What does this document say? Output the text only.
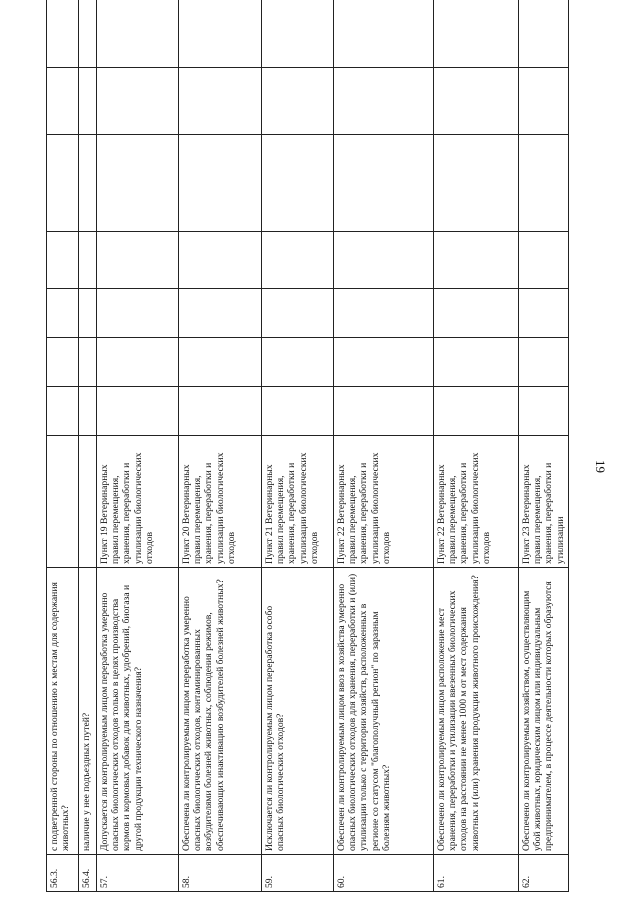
19
56.3.	с подветренной стороны по отношению к местам для содержания животных?								
56.4.	наличие у нее подъездных путей?								
57.	Допускается ли контролируемым лицом переработка умеренно опасных биологических отходов только в целях производства кормов и кормовых добавок для животных, удобрений, биогаза и другой продукции технического назначения?	Пункт 19 Ветеринарных правил перемещения, хранения, переработки и утилизации биологических отходов							
58.	Обеспечена ли контролируемым лицом переработка умеренно опасных биологических отходов, контаминированных возбудителями болезней животных, соблюдения режимов, обеспечивающих инактивацию возбудителей болезней животных?	Пункт 20 Ветеринарных правил перемещения, хранения, переработки и утилизации биологических отходов							
59.	Исключается ли контролируемым лицом переработка особо опасных биологических отходов?	Пункт 21 Ветеринарных правил перемещения, хранения, переработки и утилизации биологических отходов							
60.	Обеспечен ли контролируемым лицом ввоз в хозяйства умеренно опасных биологических отходов для хранения, переработки и (или) утилизации только с территории хозяйств, расположенных в регионе со статусом "благополучный регион" по заразным болезням животных?	Пункт 22 Ветеринарных правил перемещения, хранения, переработки и утилизации биологических отходов							
61.	Обеспечено ли контролируемым лицом расположение мест хранения, переработки и утилизации ввезенных биологических отходов на расстоянии не менее 1000 м от мест содержания животных и (или) хранения продукции животного происхождения?	Пункт 22 Ветеринарных правил перемещения, хранения, переработки и утилизации биологических отходов							
62.	Обеспечено ли контролируемым хозяйством, осуществляющим убой животных, юридическим лицом или индивидуальным предпринимателем, в процессе деятельности которых образуются	Пункт 23 Ветеринарных правил перемещения, хранения, переработки и утилизации							
